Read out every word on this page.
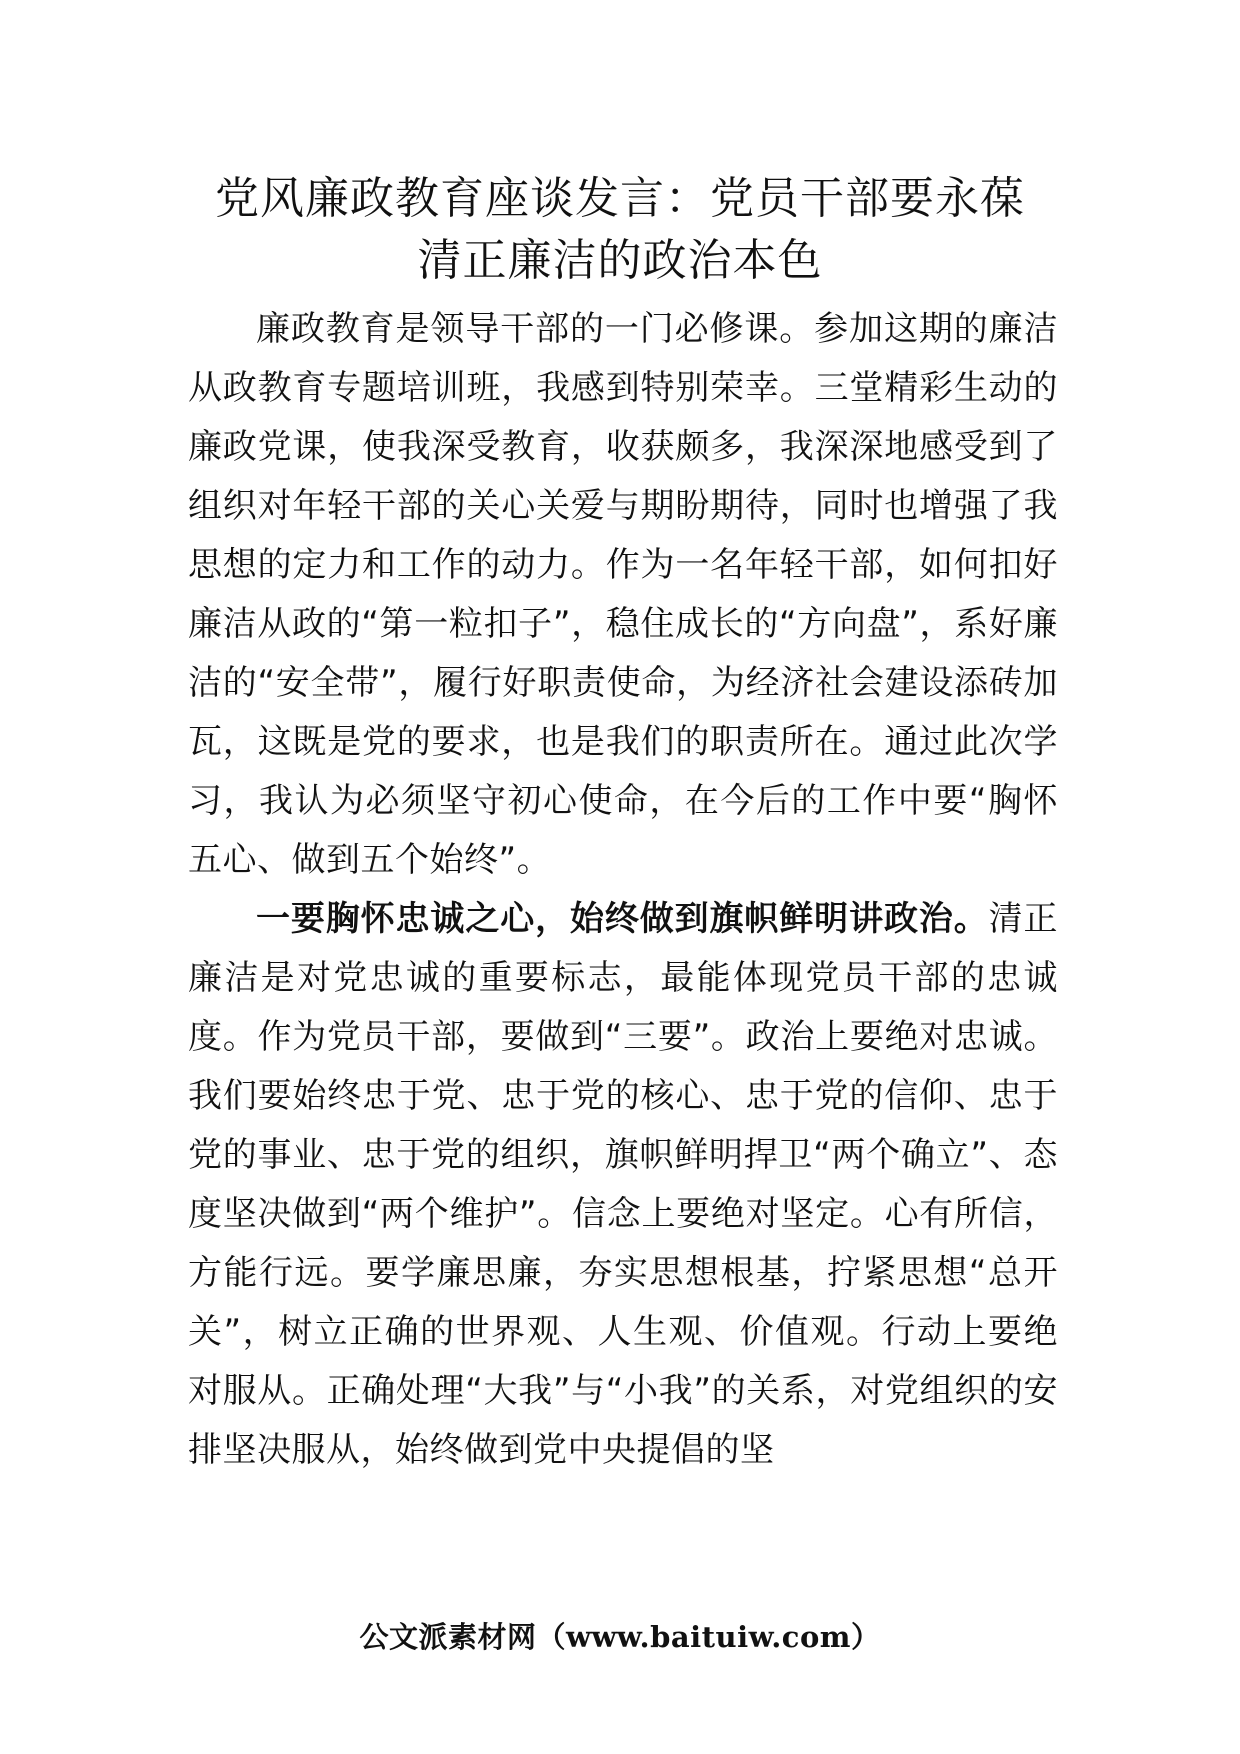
党风廉政教育座谈发言：党员干部要永葆
清正廉洁的政治本色

廉政教育是领导干部的一门必修课。参加这期的廉洁从政教育专题培训班，我感到特别荣幸。三堂精彩生动的廉政党课，使我深受教育，收获颇多，我深深地感受到了组织对年轻干部的关心关爱与期盼期待，同时也增强了我思想的定力和工作的动力。作为一名年轻干部，如何扣好廉洁从政的“第一粒扣子”，稳住成长的“方向盘”，系好廉洁的“安全带”，履行好职责使命，为经济社会建设添砖加瓦，这既是党的要求，也是我们的职责所在。通过此次学习，我认为必须坚守初心使命，在今后的工作中要“胸怀五心、做到五个始终”。

一要胸怀忠诚之心，始终做到旗帜鲜明讲政治。清正廉洁是对党忠诚的重要标志，最能体现党员干部的忠诚度。作为党员干部，要做到“三要”。政治上要绝对忠诚。我们要始终忠于党、忠于党的核心、忠于党的信仰、忠于党的事业、忠于党的组织，旗帜鲜明捍卫“两个确立”、态度坚决做到“两个维护”。信念上要绝对坚定。心有所信，方能行远。要学廉思廉，夯实思想根基，拧紧思想“总开关”，树立正确的世界观、人生观、价值观。行动上要绝对服从。正确处理“大我”与“小我”的关系，对党组织的安排坚决服从，始终做到党中央提倡的坚

公文派素材网（www.baituiw.com）
